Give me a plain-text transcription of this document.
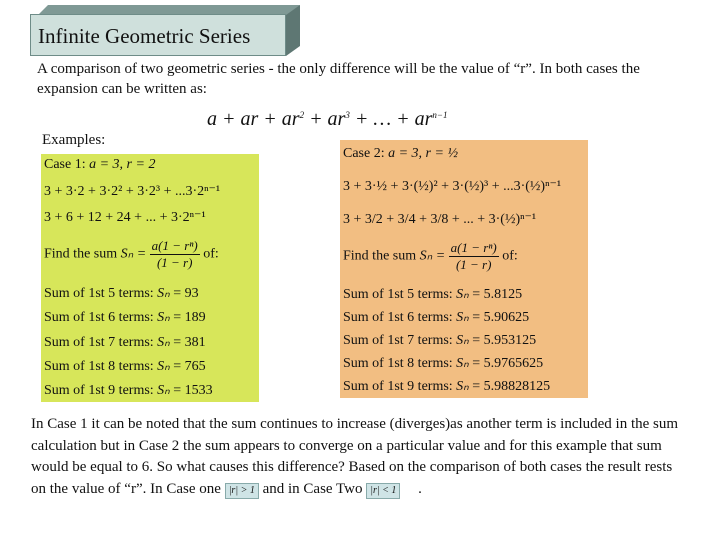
Infinite Geometric Series
A comparison of two geometric series - the only difference will be the value of “r”. In both cases the expansion can be written as:
a + ar + $ar^2 + ar^3$ + … + $ar^{n-1}$
Examples:
Case 1: a = 3, r = 2
3 + 3·2 + 3·2² + 3·2³ + ...3·2ⁿ⁻¹
3 + 6 + 12 + 24 + ... + 3·2ⁿ⁻¹
Find the sum $S_n = \frac{\text{a(1 − rⁿ)}}{(1 - r)}$ of:
Sum of 1st 5 terms: Sₙ = 93
Sum of 1st 6 terms: Sₙ = 189
Sum of 1st 7 terms: Sₙ = 381
Sum of 1st 8 terms: Sₙ = 765
Sum of 1st 9 terms: Sₙ = 1533
Case 2: a = 3, r = ½
3 + 3·½ + 3·(½)² + 3·(½)³ + ...3·(½)ⁿ⁻¹
3 + 3/2 + 3/4 + 3/8 + ... + 3·(½)ⁿ⁻¹
Find the sum $S_n = \frac{\text{a(1 − rⁿ)}}{(1 - r)}$ of:
Sum of 1st 5 terms: Sₙ = 5.8125
Sum of 1st 6 terms: Sₙ = 5.90625
Sum of 1st 7 terms: Sₙ = 5.953125
Sum of 1st 8 terms: Sₙ = 5.9765625
Sum of 1st 9 terms: Sₙ = 5.98828125
In Case 1 it can be noted that the sum continues to increase (diverges)as another term is included in the sum calculation but in Case 2 the sum appears to converge on a particular value and for this example that sum would be equal to 6. So what causes this difference? Based on the comparison of both cases the result rests on the value of “r”. In Case one |r| > 1 and in Case Two |r| < 1 .
